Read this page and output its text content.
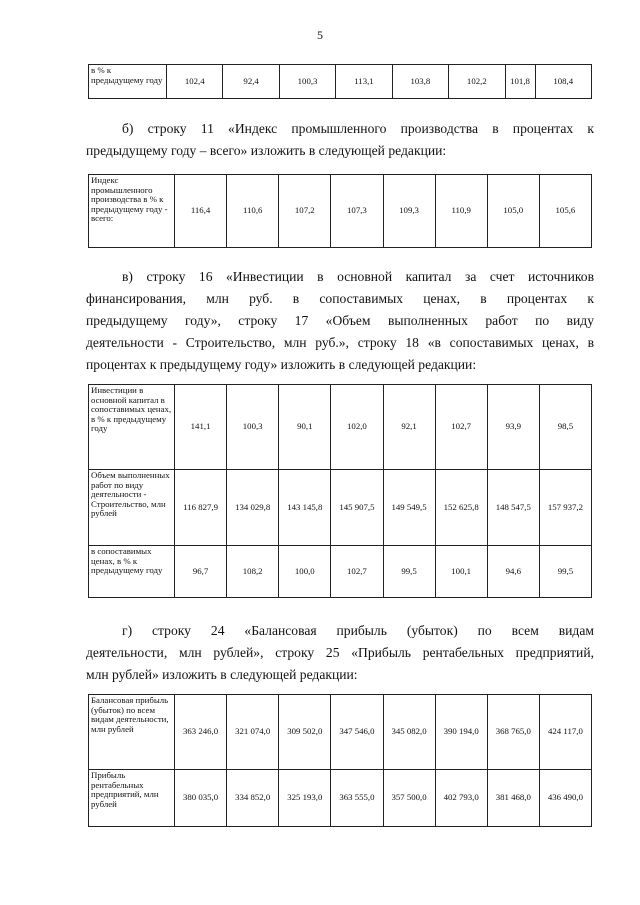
5
в % к предыдущему году	102,4	92,4	100,3	113,1	103,8	102,2	101,8	108,4
б) строку 11 «Индекс промышленного производства в процентах к
предыдущему году – всего» изложить в следующей редакции:
Индекс промышленного производства в % к предыдущему году - всего:	116,4	110,6	107,2	107,3	109,3	110,9	105,0	105,6
в) строку 16 «Инвестиции в основной капитал за счет источников
финансирования, млн руб. в сопоставимых ценах, в процентах к
предыдущему году», строку 17 «Объем выполненных работ по виду
деятельности - Строительство, млн руб.», строку 18 «в сопоставимых ценах, в
процентах к предыдущему году» изложить в следующей редакции:
Инвестиции в основной капитал в сопоставимых ценах, в % к предыдущему году	141,1	100,3	90,1	102,0	92,1	102,7	93,9	98,5
Объем выполненных работ по виду деятельности - Строительство, млн рублей	116 827,9	134 029,8	143 145,8	145 907,5	149 549,5	152 625,8	148 547,5	157 937,2
в сопоставимых ценах, в % к предыдущему году	96,7	108,2	100,0	102,7	99,5	100,1	94,6	99,5
г) строку 24 «Балансовая прибыль (убыток) по всем видам
деятельности, млн рублей», строку 25 «Прибыль рентабельных предприятий,
млн рублей» изложить в следующей редакции:
Балансовая прибыль (убыток) по всем видам деятельности, млн рублей	363 246,0	321 074,0	309 502,0	347 546,0	345 082,0	390 194,0	368 765,0	424 117,0
Прибыль рентабельных предприятий, млн рублей	380 035,0	334 852,0	325 193,0	363 555,0	357 500,0	402 793,0	381 468,0	436 490,0
